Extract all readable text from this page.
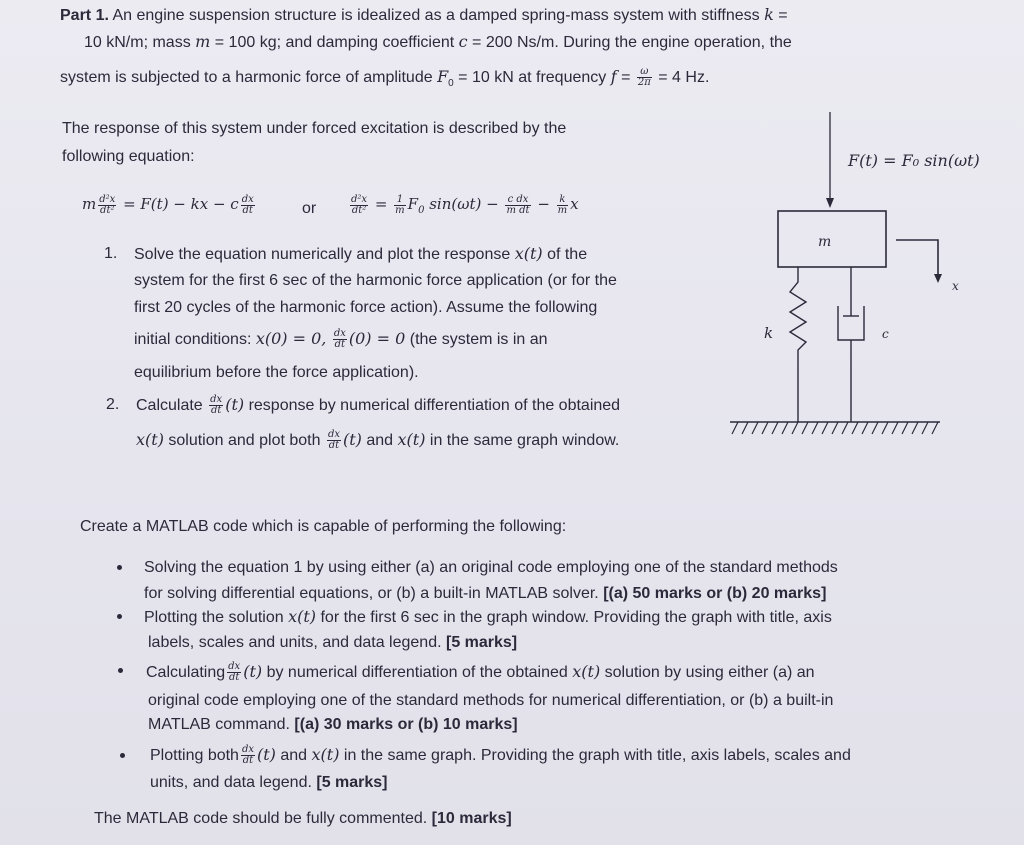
Part 1. An engine suspension structure is idealized as a damped spring-mass system with stiffness k =
10 kN/m; mass m = 100 kg; and damping coefficient c = 200 Ns/m. During the engine operation, the
system is subjected to a harmonic force of amplitude $F_0 = 10$ kN at frequency $f = \frac{\omega}{2\pi} = 4$ Hz.
The response of this system under forced excitation is described by the
following equation:
m $\frac{\text{d²x}}{\text{dt²}} = F(t)$ − kx − c $\frac{dx}{dt}$	or	$\frac{\text{d²x}}{\text{dt²}} = \frac{1}{m} F_0$ $\sin(\omega t) - \frac{\text{c dx}}{\text{m dt}} - \frac{k}{m}$ x
1. Solve the equation numerically and plot the response x(t) of the
system for the first 6 sec of the harmonic force application (or for the
first 20 cycles of the harmonic force action). Assume the following
initial conditions: x(0) = 0, $\frac{dx}{dt} (0) = 0$ (the system is in an
equilibrium before the force application).
2. Calculate $\frac{dx}{dt} (t)$ response by numerical differentiation of the obtained
x(t) solution and plot both $\frac{dx}{dt} (t)$ and x(t) in the same graph window.
F(t) = F₀ sin(ωt)
m
x
k	c
Create a MATLAB code which is capable of performing the following:
Solving the equation 1 by using either (a) an original code employing one of the standard methods
for solving differential equations, or (b) a built-in MATLAB solver. [(a) 50 marks or (b) 20 marks]
Plotting the solution x(t) for the first 6 sec in the graph window. Providing the graph with title, axis
labels, scales and units, and data legend. [5 marks]
Calculating $\frac{dx}{dt} (t)$ by numerical differentiation of the obtained x(t) solution by using either (a) an
original code employing one of the standard methods for numerical differentiation, or (b) a built-in
MATLAB command. [(a) 30 marks or (b) 10 marks]
Plotting both $\frac{dx}{dt} (t)$ and x(t) in the same graph. Providing the graph with title, axis labels, scales and
units, and data legend. [5 marks]
The MATLAB code should be fully commented. [10 marks]
